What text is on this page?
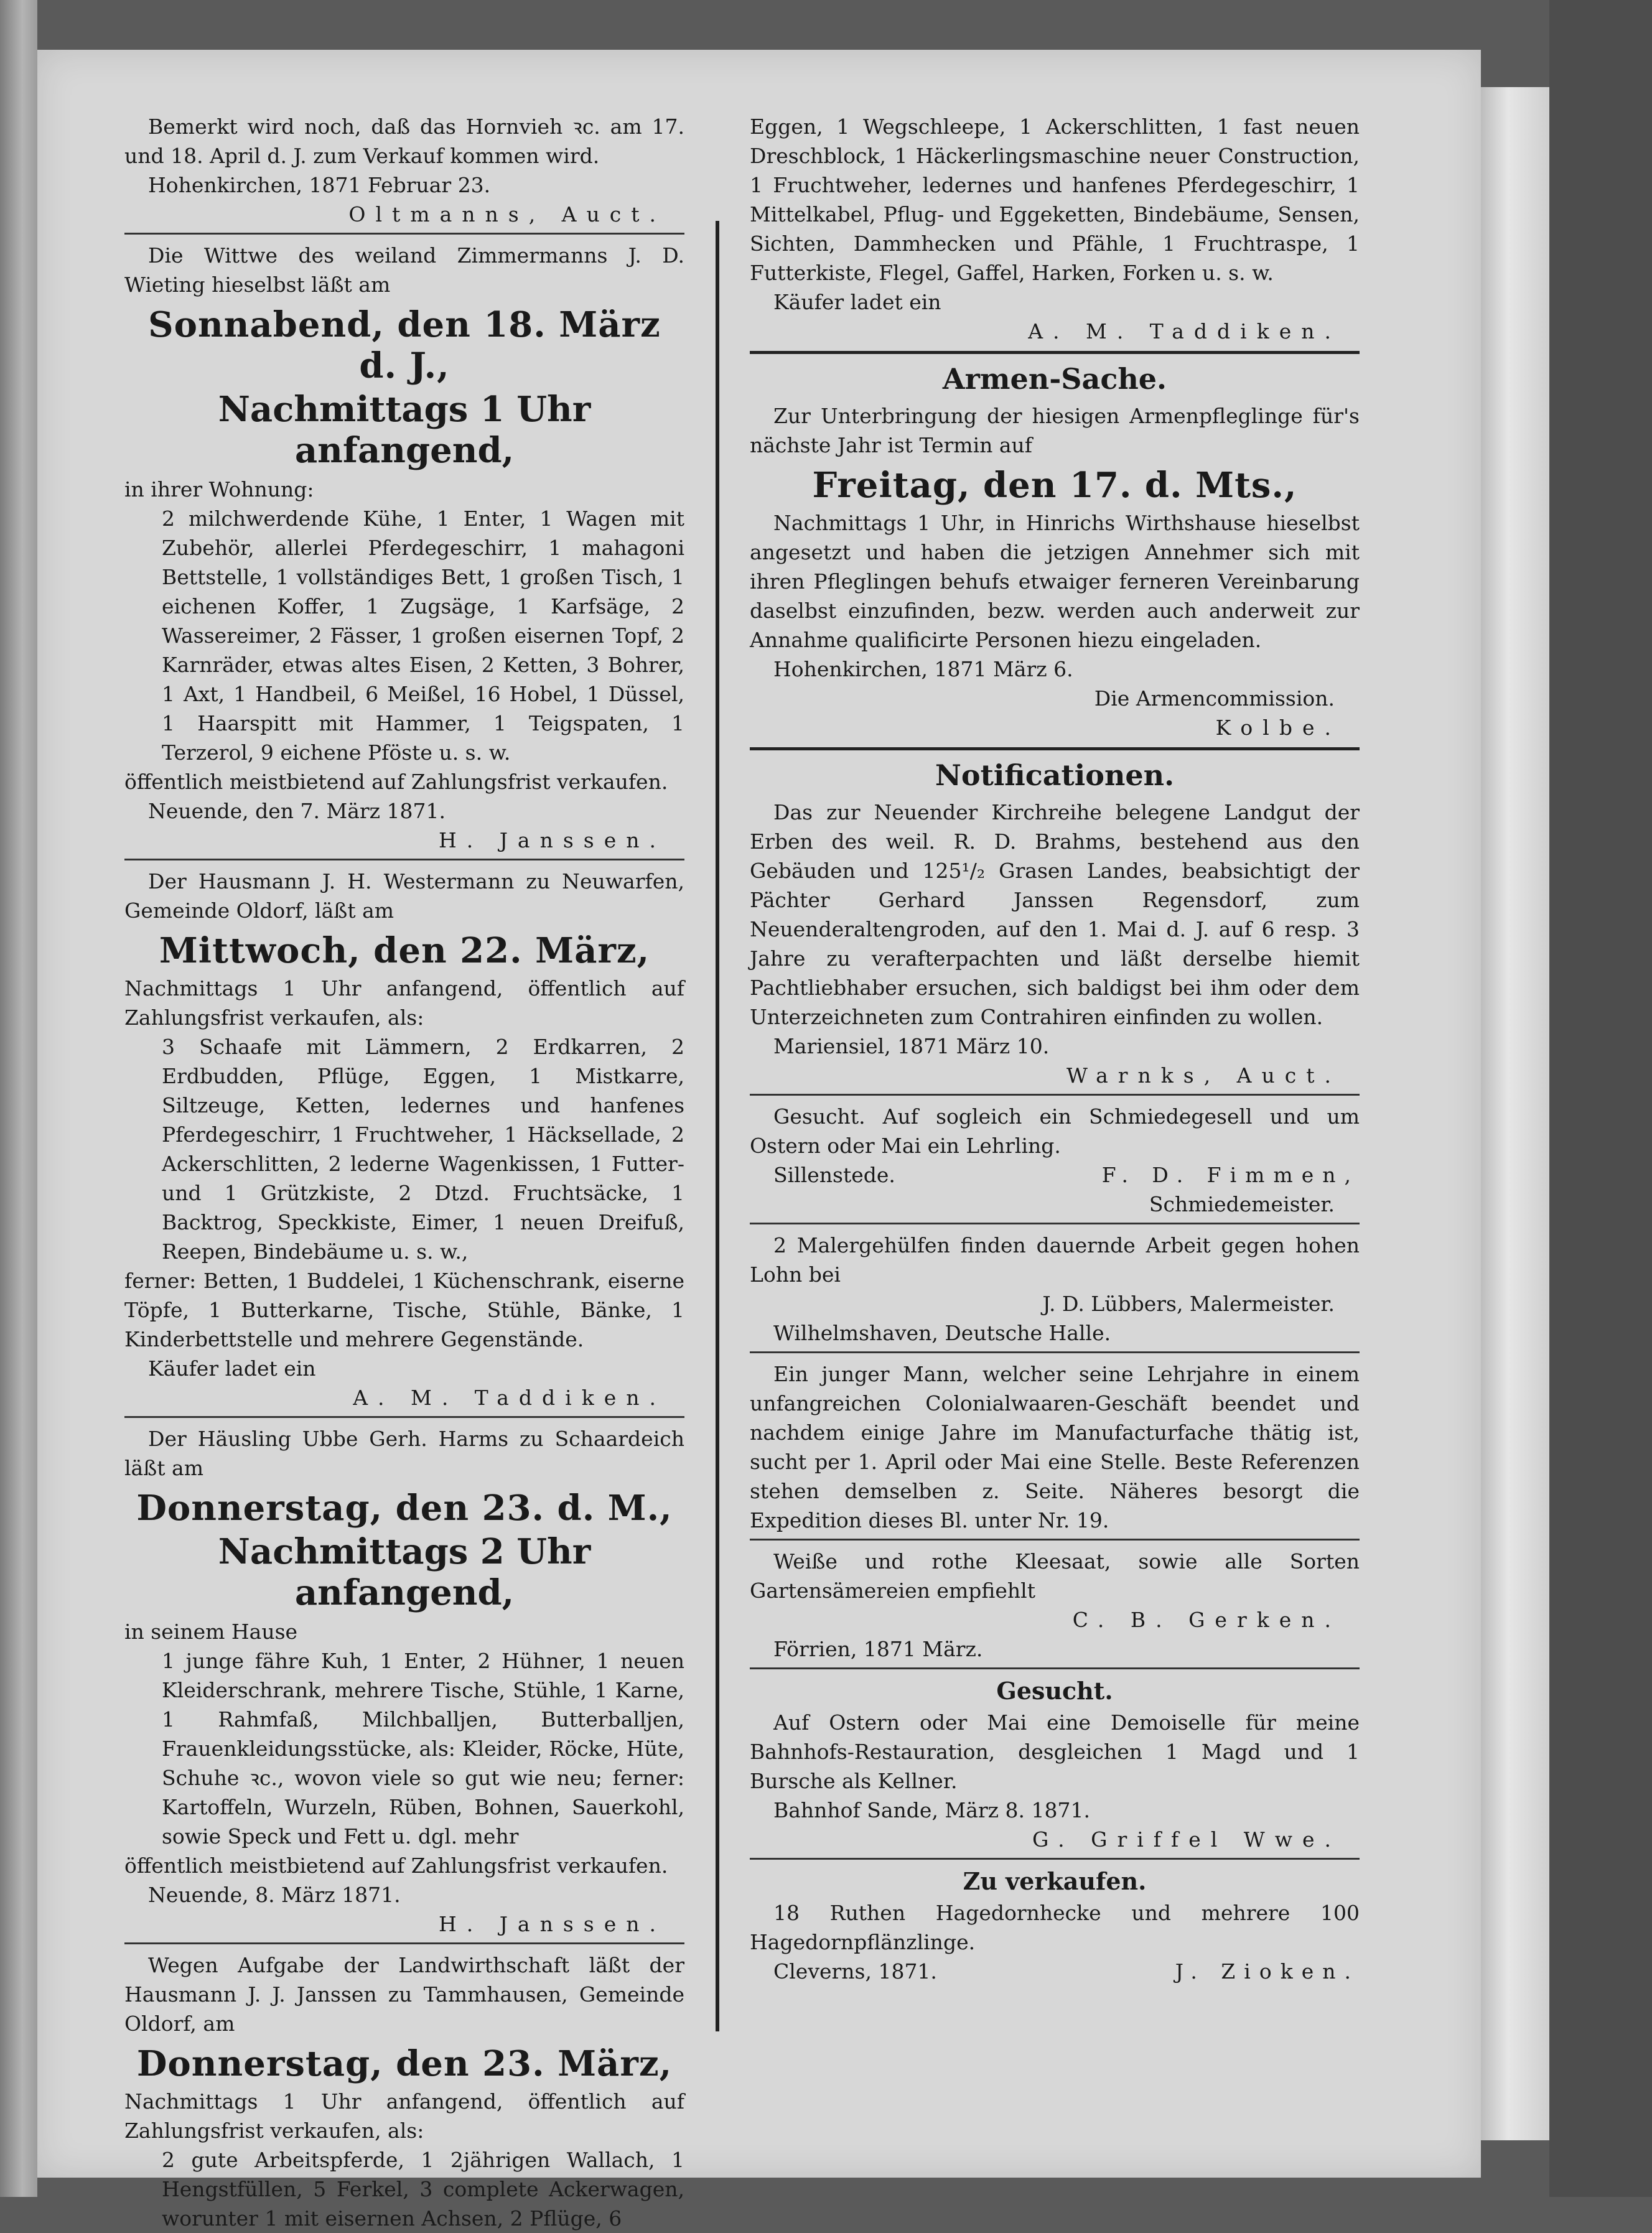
Bemerkt wird noch, daß das Hornvieh ꝛc. am 17. und 18. April d. J. zum Verkauf kommen wird.

Hohenkirchen, 1871 Februar 23.

Oltmanns, Auct.

Die Wittwe des weiland Zimmermanns J. D. Wieting hieselbst läßt am

Sonnabend, den 18. März d. J.,

Nachmittags 1 Uhr anfangend,

in ihrer Wohnung:

2 milchwerdende Kühe, 1 Enter, 1 Wagen mit Zubehör, allerlei Pferdegeschirr, 1 mahagoni Bettstelle, 1 vollständiges Bett, 1 großen Tisch, 1 eichenen Koffer, 1 Zugsäge, 1 Karfsäge, 2 Wassereimer, 2 Fässer, 1 großen eisernen Topf, 2 Karnräder, etwas altes Eisen, 2 Ketten, 3 Bohrer, 1 Axt, 1 Handbeil, 6 Meißel, 16 Hobel, 1 Düssel, 1 Haarspitt mit Hammer, 1 Teigspaten, 1 Terzerol, 9 eichene Pföste u. s. w.

öffentlich meistbietend auf Zahlungsfrist verkaufen.

Neuende, den 7. März 1871.

H. Janssen.

Der Hausmann J. H. Westermann zu Neuwarfen, Gemeinde Oldorf, läßt am

Mittwoch, den 22. März,

Nachmittags 1 Uhr anfangend, öffentlich auf Zahlungsfrist verkaufen, als:

3 Schaafe mit Lämmern, 2 Erdkarren, 2 Erdbudden, Pflüge, Eggen, 1 Mistkarre, Siltzeuge, Ketten, ledernes und hanfenes Pferdegeschirr, 1 Fruchtweher, 1 Häcksellade, 2 Ackerschlitten, 2 lederne Wagenkissen, 1 Futter- und 1 Grützkiste, 2 Dtzd. Fruchtsäcke, 1 Backtrog, Speckkiste, Eimer, 1 neuen Dreifuß, Reepen, Bindebäume u. s. w.,

ferner: Betten, 1 Buddelei, 1 Küchenschrank, eiserne Töpfe, 1 Butterkarne, Tische, Stühle, Bänke, 1 Kinderbettstelle und mehrere Gegenstände.

Käufer ladet ein

A. M. Taddiken.

Der Häusling Ubbe Gerh. Harms zu Schaardeich läßt am

Donnerstag, den 23. d. M.,

Nachmittags 2 Uhr anfangend,

in seinem Hause

1 junge fähre Kuh, 1 Enter, 2 Hühner, 1 neuen Kleiderschrank, mehrere Tische, Stühle, 1 Karne, 1 Rahmfaß, Milchballjen, Butterballjen, Frauenkleidungsstücke, als: Kleider, Röcke, Hüte, Schuhe ꝛc., wovon viele so gut wie neu; ferner: Kartoffeln, Wurzeln, Rüben, Bohnen, Sauerkohl, sowie Speck und Fett u. dgl. mehr

öffentlich meistbietend auf Zahlungsfrist verkaufen.

Neuende, 8. März 1871.

H. Janssen.

Wegen Aufgabe der Landwirthschaft läßt der Hausmann J. J. Janssen zu Tammhausen, Gemeinde Oldorf, am

Donnerstag, den 23. März,

Nachmittags 1 Uhr anfangend, öffentlich auf Zahlungsfrist verkaufen, als:

2 gute Arbeitspferde, 1 2jährigen Wallach, 1 Hengstfüllen, 5 Ferkel, 3 complete Ackerwagen, worunter 1 mit eisernen Achsen, 2 Pflüge, 6

Eggen, 1 Wegschleepe, 1 Ackerschlitten, 1 fast neuen Dreschblock, 1 Häckerlingsmaschine neuer Construction, 1 Fruchtweher, ledernes und hanfenes Pferdegeschirr, 1 Mittelkabel, Pflug- und Eggeketten, Bindebäume, Sensen, Sichten, Dammhecken und Pfähle, 1 Fruchtraspe, 1 Futterkiste, Flegel, Gaffel, Harken, Forken u. s. w.

Käufer ladet ein

A. M. Taddiken.

Armen-Sache.

Zur Unterbringung der hiesigen Armenpfleglinge für's nächste Jahr ist Termin auf

Freitag, den 17. d. Mts.,

Nachmittags 1 Uhr, in Hinrichs Wirthshause hieselbst angesetzt und haben die jetzigen Annehmer sich mit ihren Pfleglingen behufs etwaiger ferneren Vereinbarung daselbst einzufinden, bezw. werden auch anderweit zur Annahme qualificirte Personen hiezu eingeladen.

Hohenkirchen, 1871 März 6.

Die Armencommission.

Kolbe.

Notificationen.

Das zur Neuender Kirchreihe belegene Landgut der Erben des weil. R. D. Brahms, bestehend aus den Gebäuden und 125¹/₂ Grasen Landes, beabsichtigt der Pächter Gerhard Janssen Regensdorf, zum Neuenderaltengroden, auf den 1. Mai d. J. auf 6 resp. 3 Jahre zu verafterpachten und läßt derselbe hiemit Pachtliebhaber ersuchen, sich baldigst bei ihm oder dem Unterzeichneten zum Contrahiren einfinden zu wollen.

Mariensiel, 1871 März 10.

Warnks, Auct.

Gesucht. Auf sogleich ein Schmiedegesell und um Ostern oder Mai ein Lehrling.

Sillenstede.	F. D. Fimmen,

Schmiedemeister.

2 Malergehülfen finden dauernde Arbeit gegen hohen Lohn bei

J. D. Lübbers, Malermeister.

Wilhelmshaven, Deutsche Halle.

Ein junger Mann, welcher seine Lehrjahre in einem unfangreichen Colonialwaaren-Geschäft beendet und nachdem einige Jahre im Manufacturfache thätig ist, sucht per 1. April oder Mai eine Stelle. Beste Referenzen stehen demselben z. Seite. Näheres besorgt die Expedition dieses Bl. unter Nr. 19.

Weiße und rothe Kleesaat, sowie alle Sorten Gartensämereien empfiehlt

C. B. Gerken.

Förrien, 1871 März.

Gesucht.

Auf Ostern oder Mai eine Demoiselle für meine Bahnhofs-Restauration, desgleichen 1 Magd und 1 Bursche als Kellner.

Bahnhof Sande, März 8. 1871.

G. Griffel Wwe.

Zu verkaufen.

18 Ruthen Hagedornhecke und mehrere 100 Hagedornpflänzlinge.

Cleverns, 1871.	J. Zioken.
